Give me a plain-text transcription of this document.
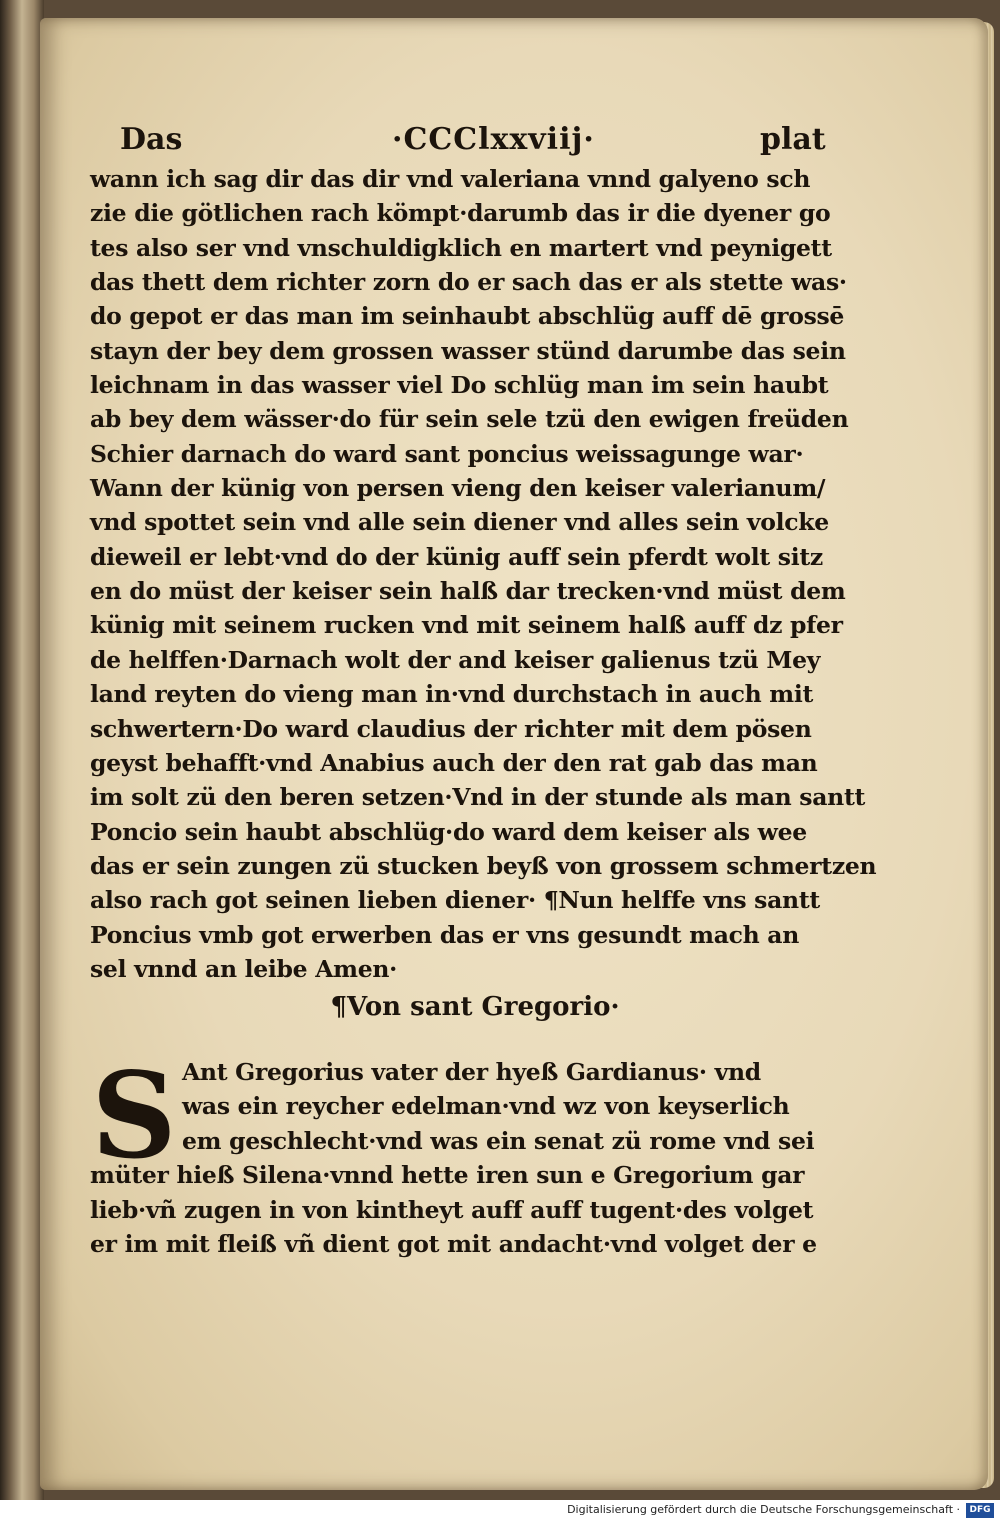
Das	·CCClxxviij·	plat
wann ich sag dir das dir vnd valeriana vnnd galyeno sch
zie die götlichen rach kömpt·darumb das ir die dyener go
tes also ser vnd vnschuldigklich en martert vnd peynigett
das thett dem richter zorn do er sach das er als stette was·
do gepot er das man im seinhaubt abschlüg auff dē grossē
stayn der bey dem grossen wasser stünd darumbe das sein
leichnam in das wasser viel Do schlüg man im sein haubt
ab bey dem wässer·do für sein sele tzü den ewigen freüden
Schier darnach do ward sant poncius weissagunge war·
Wann der künig von persen vieng den keiser valerianum/
vnd spottet sein vnd alle sein diener vnd alles sein volcke
dieweil er lebt·vnd do der künig auff sein pferdt wolt sitz
en do müst der keiser sein halß dar trecken·vnd müst dem
künig mit seinem rucken vnd mit seinem halß auff dz pfer
de helffen·Darnach wolt der and keiser galienus tzü Mey
land reyten do vieng man in·vnd durchstach in auch mit
schwertern·Do ward claudius der richter mit dem pösen
geyst behafft·vnd Anabius auch der den rat gab das man
im solt zü den beren setzen·Vnd in der stunde als man santt
Poncio sein haubt abschlüg·do ward dem keiser als wee
das er sein zungen zü stucken beyß von grossem schmertzen
also rach got seinen lieben diener· ¶Nun helffe vns santt
Poncius vmb got erwerben das er vns gesundt mach an
sel vnnd an leibe Amen·
¶Von sant Gregorio·
S Ant Gregorius vater der hyeß Gardianus· vnd
was ein reycher edelman·vnd wz von keyserlich
em geschlecht·vnd was ein senat zü rome vnd sei
müter hieß Silena·vnnd hette iren sun e Gregorium gar
lieb·vñ zugen in von kintheyt auff auff tugent·des volget
er im mit fleiß vñ dient got mit andacht·vnd volget der e
Digitalisierung gefördert durch die Deutsche Forschungsgemeinschaft ·	DFG
